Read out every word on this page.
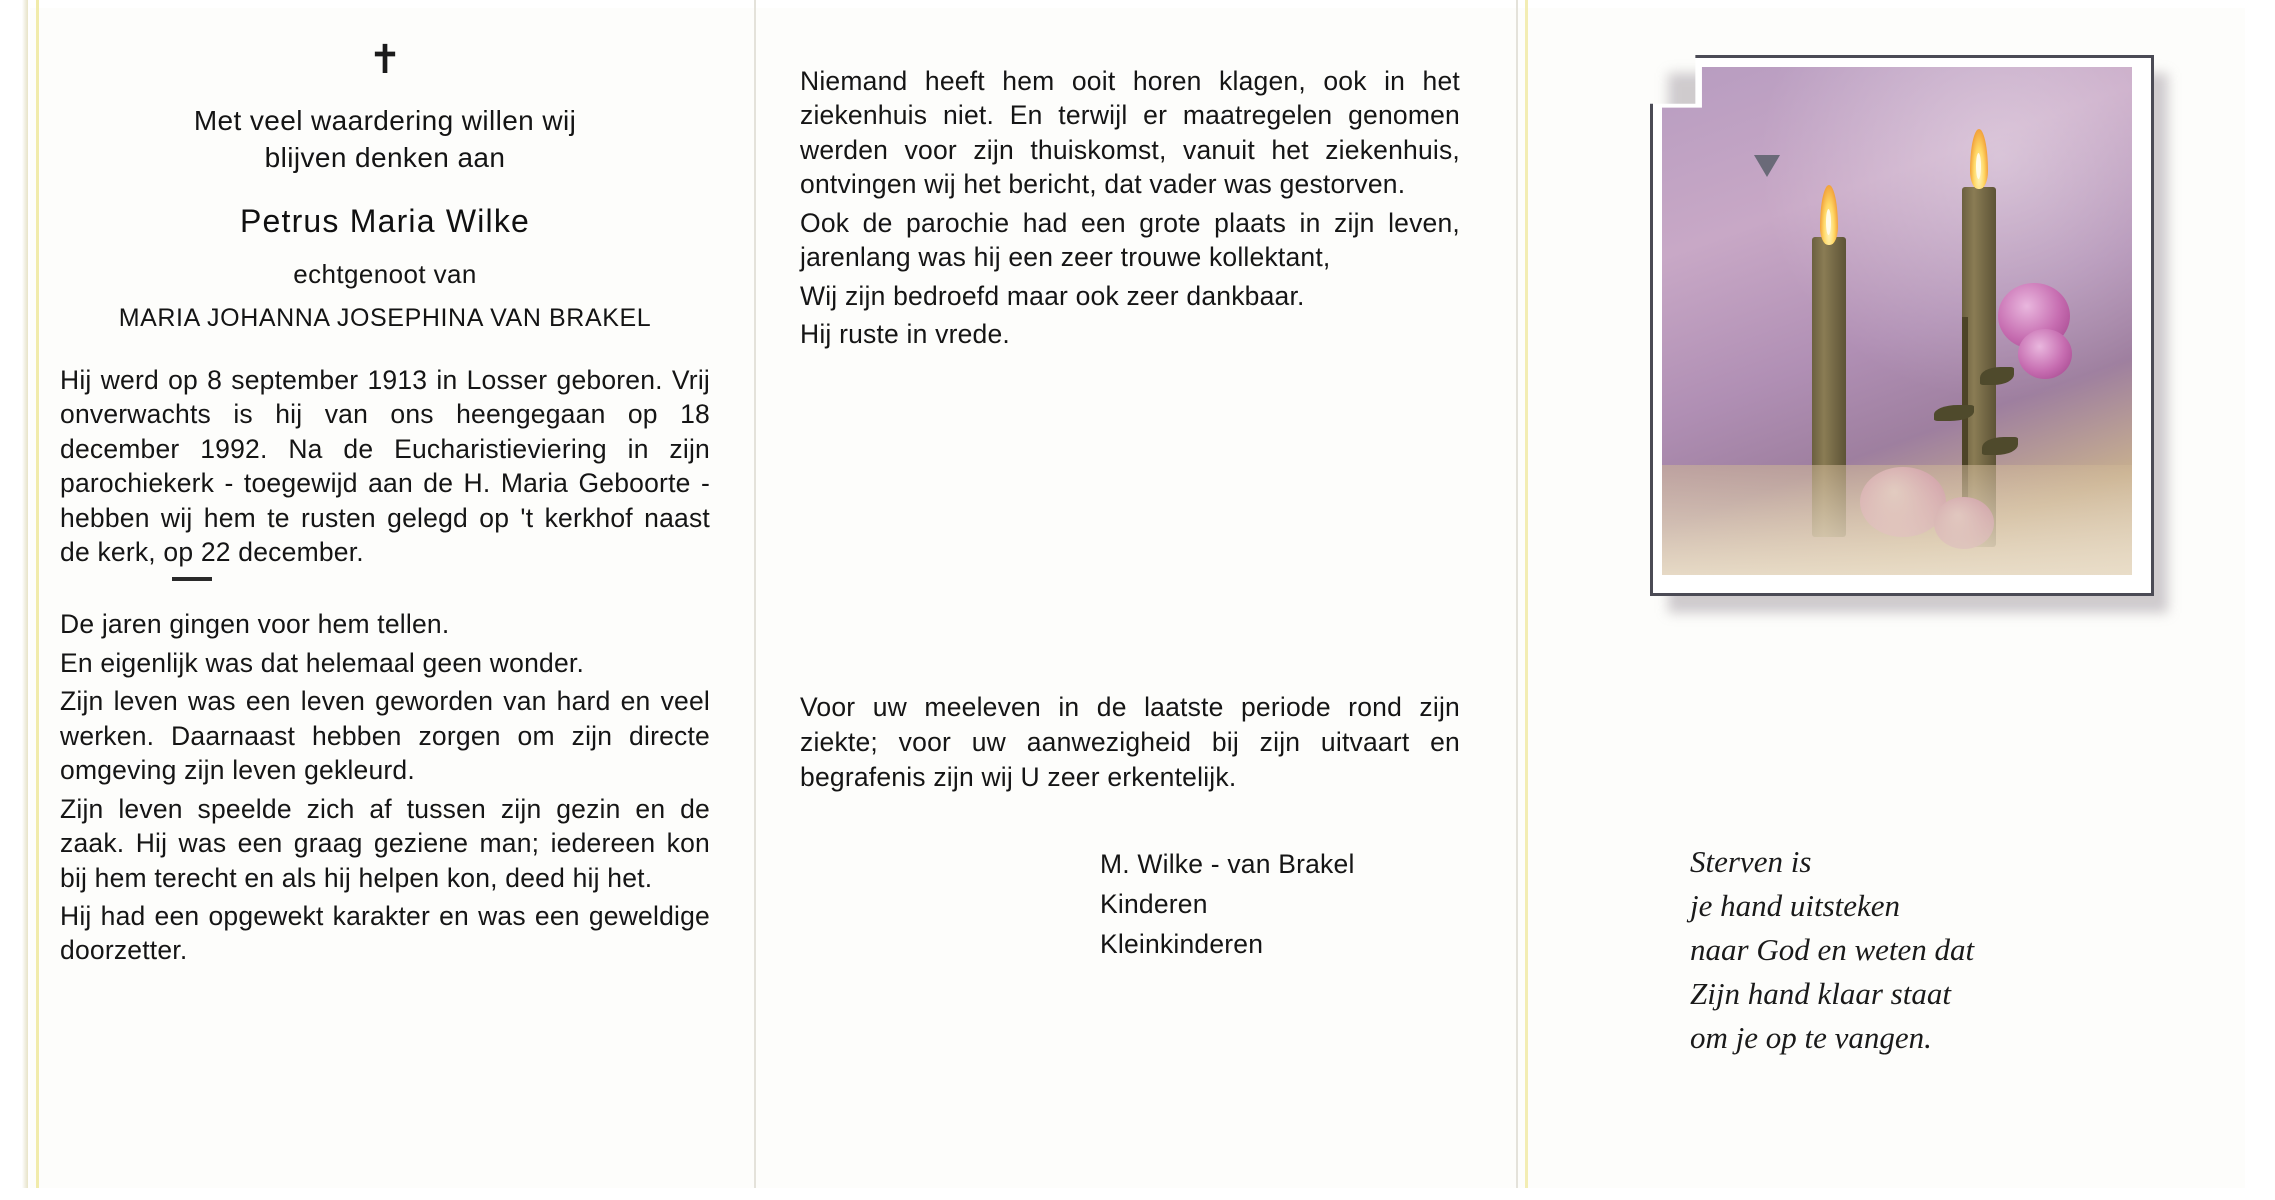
✝
Met veel waardering willen wij
blijven denken aan
Petrus Maria Wilke
echtgenoot van
MARIA JOHANNA JOSEPHINA VAN BRAKEL

Hij werd op 8 september 1913 in Losser geboren. Vrij onverwachts is hij van ons heengegaan op 18 december 1992. Na de Eucharistieviering in zijn parochiekerk - toegewijd aan de H. Maria Geboorte - hebben wij hem te rusten gelegd op 't kerkhof naast de kerk, op 22 december.

De jaren gingen voor hem tellen.

En eigenlijk was dat helemaal geen wonder.

Zijn leven was een leven geworden van hard en veel werken. Daarnaast hebben zorgen om zijn directe omgeving zijn leven gekleurd.

Zijn leven speelde zich af tussen zijn gezin en de zaak. Hij was een graag geziene man; iedereen kon bij hem terecht en als hij helpen kon, deed hij het.

Hij had een opgewekt karakter en was een geweldige doorzetter.

Niemand heeft hem ooit horen klagen, ook in het ziekenhuis niet. En terwijl er maatregelen genomen werden voor zijn thuiskomst, vanuit het ziekenhuis, ontvingen wij het bericht, dat vader was gestorven.

Ook de parochie had een grote plaats in zijn leven, jarenlang was hij een zeer trouwe kollektant,

Wij zijn bedroefd maar ook zeer dankbaar.

Hij ruste in vrede.

Voor uw meeleven in de laatste periode rond zijn ziekte; voor uw aanwezigheid bij zijn uitvaart en begrafenis zijn wij U zeer erkentelijk.
M. Wilke - van Brakel
Kinderen
Kleinkinderen
Sterven is
je hand uitsteken
naar God en weten dat
Zijn hand klaar staat
om je op te vangen.
